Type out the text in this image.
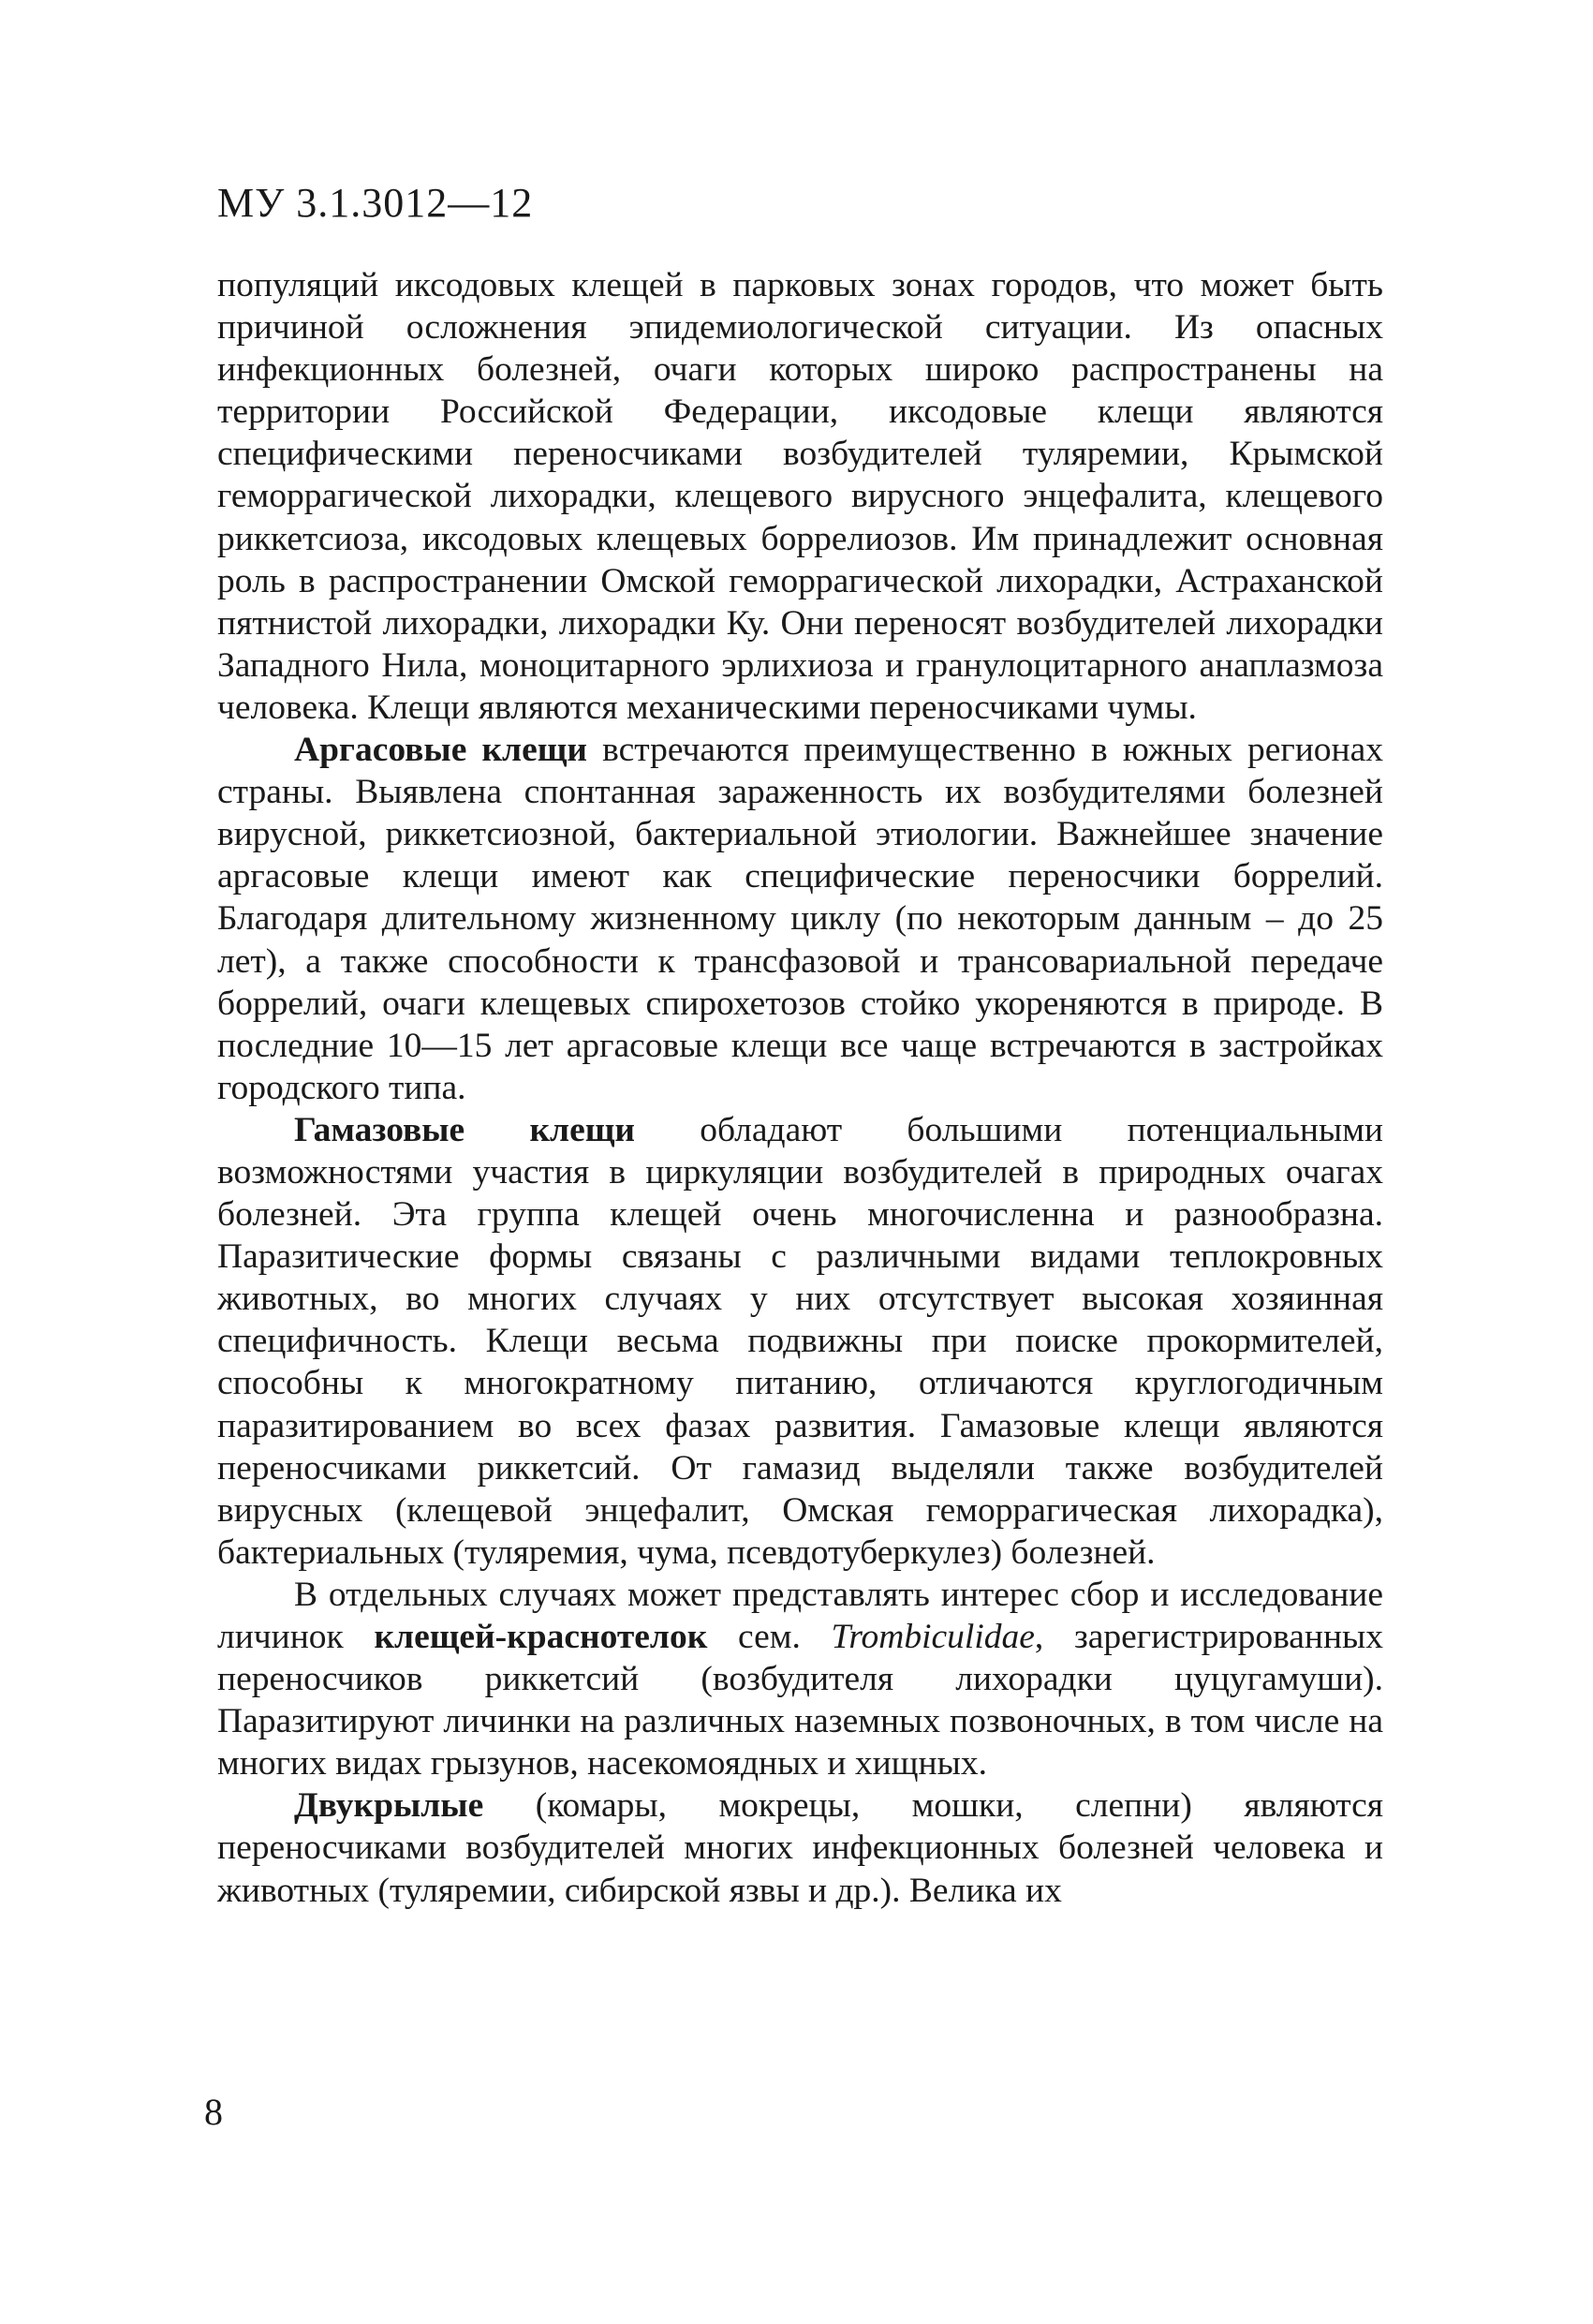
МУ 3.1.3012—12

популяций иксодовых клещей в парковых зонах городов, что может быть причиной осложнения эпидемиологической ситуации. Из опасных инфекционных болезней, очаги которых широко распространены на территории Российской Федерации, иксодовые клещи являются специфическими переносчиками возбудителей туляремии, Крымской геморрагической лихорадки, клещевого вирусного энцефалита, клещевого риккетсиоза, иксодовых клещевых боррелиозов. Им принадлежит основная роль в распространении Омской геморрагической лихорадки, Астраханской пятнистой лихорадки, лихорадки Ку. Они переносят возбудителей лихорадки Западного Нила, моноцитарного эрлихиоза и гранулоцитарного анаплазмоза человека. Клещи являются механическими переносчиками чумы.

Аргасовые клещи встречаются преимущественно в южных регионах страны. Выявлена спонтанная зараженность их возбудителями болезней вирусной, риккетсиозной, бактериальной этиологии. Важнейшее значение аргасовые клещи имеют как специфические переносчики боррелий. Благодаря длительному жизненному циклу (по некоторым данным – до 25 лет), а также способности к трансфазовой и трансовариальной передаче боррелий, очаги клещевых спирохетозов стойко укореняются в природе. В последние 10—15 лет аргасовые клещи все чаще встречаются в застройках городского типа.

Гамазовые клещи обладают большими потенциальными возможностями участия в циркуляции возбудителей в природных очагах болезней. Эта группа клещей очень многочисленна и разнообразна. Паразитические формы связаны с различными видами теплокровных животных, во многих случаях у них отсутствует высокая хозяинная специфичность. Клещи весьма подвижны при поиске прокормителей, способны к многократному питанию, отличаются круглогодичным паразитированием во всех фазах развития. Гамазовые клещи являются переносчиками риккетсий. От гамазид выделяли также возбудителей вирусных (клещевой энцефалит, Омская геморрагическая лихорадка), бактериальных (туляремия, чума, псевдотуберкулез) болезней.

В отдельных случаях может представлять интерес сбор и исследование личинок клещей-краснотелок сем. Trombiculidae, зарегистрированных переносчиков риккетсий (возбудителя лихорадки цуцугамуши). Паразитируют личинки на различных наземных позвоночных, в том числе на многих видах грызунов, насекомоядных и хищных.

Двукрылые (комары, мокрецы, мошки, слепни) являются переносчиками возбудителей многих инфекционных болезней человека и животных (туляремии, сибирской язвы и др.). Велика их

8
